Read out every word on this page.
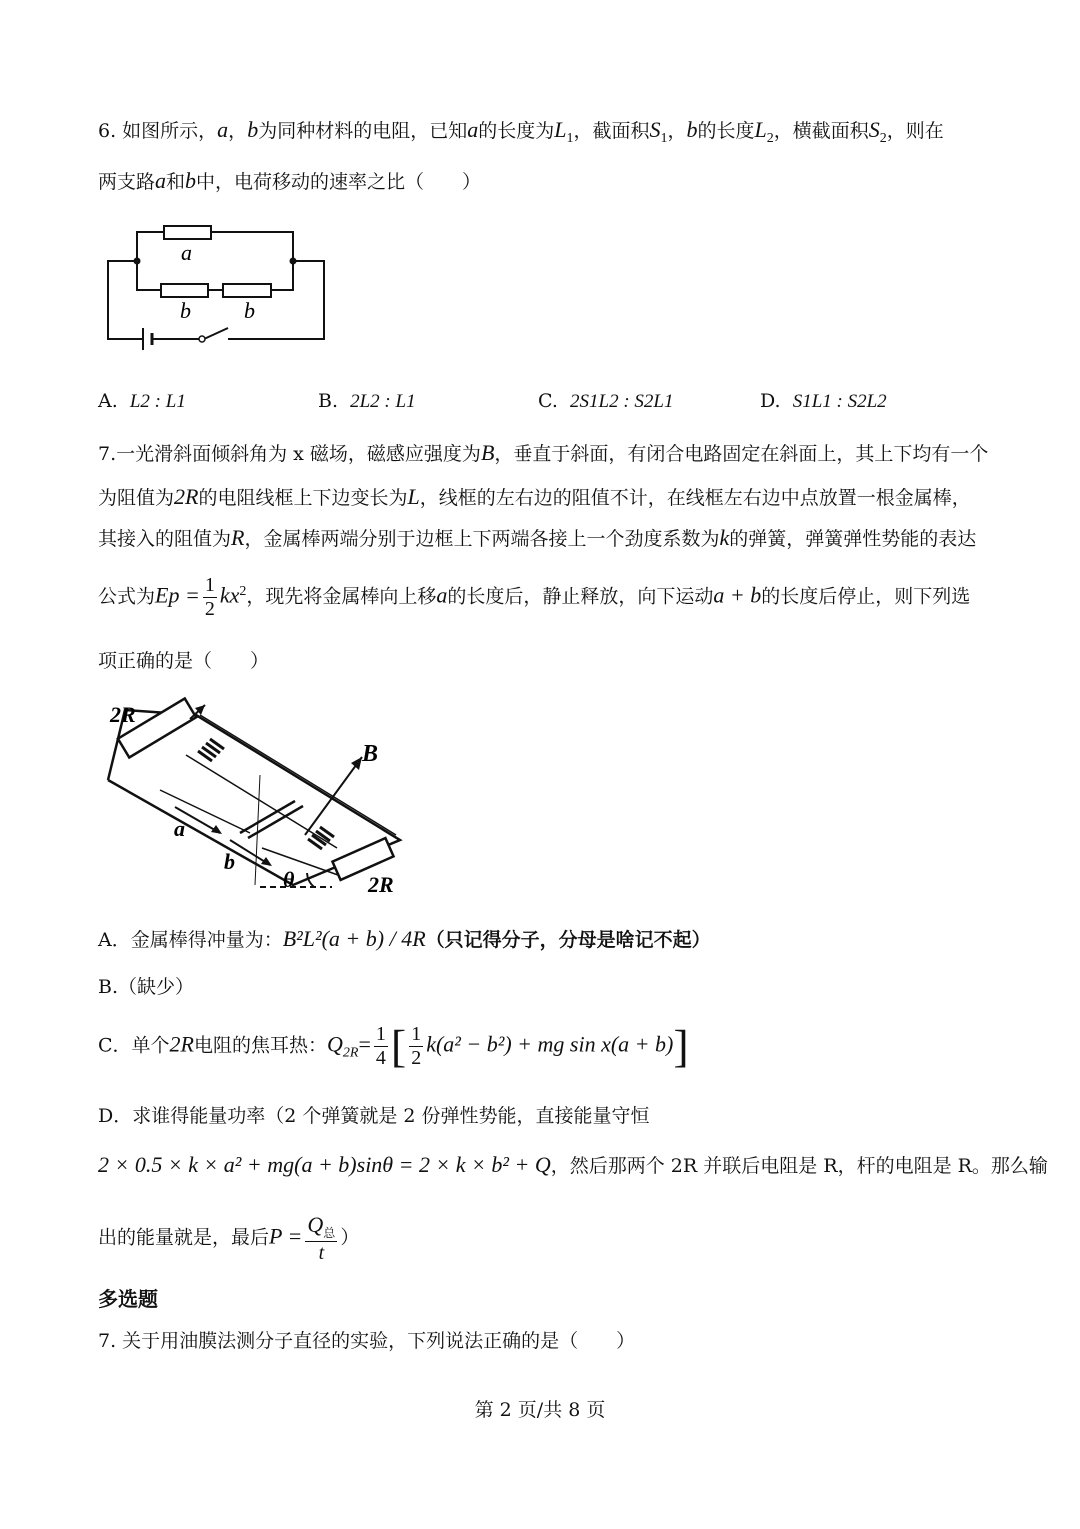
6. 如图所示，a，b为同种材料的电阻，已知a的长度为$L_1$，截面积$S_1$，b的长度$L_2$，横截面积$S_2$，则在
两支路a和b中，电荷移动的速率之比（　　）
a
b b
A. L2 : L1	B. 2L2 : L1	C. 2S1L2 : S2L1	D. S1L1 : S2L2
7.一光滑斜面倾斜角为 x 磁场，磁感应强度为B，垂直于斜面，有闭合电路固定在斜面上，其上下均有一个
为阻值为2R的电阻线框上下边变长为L，线框的左右边的阻值不计，在线框左右边中点放置一根金属棒，
其接入的阻值为R，金属棒两端分别于边框上下两端各接上一个劲度系数为k的弹簧，弹簧弹性势能的表达
公式为$Ep = \frac{1}{2} kx^2$，现先将金属棒向上移a的长度后，静止释放，向下运动a + b的长度后停止，则下列选
项正确的是（　　）
2R
2R
B
a
b
θ
A．金属棒得冲量为：B²L²(a + b) / 4R（只记得分子，分母是啥记不起）
B.（缺少）
C．单个2R电阻的焦耳热：$Q_{2R}= \frac{1}{4}$ [ $\frac{1}{2} k(a^2 - b^2)$ + mg sin x(a + b)]
D．求谁得能量功率（2 个弹簧就是 2 份弹性势能，直接能量守恒
2 × 0.5 × k × a² + mg(a + b)sinθ = 2 × k × b² + Q，然后那两个 2R 并联后电阻是 R，杆的电阻是 R。那么输
出的能量就是，最后$P = \frac{Q_总}{t}$ ）
多选题
7. 关于用油膜法测分子直径的实验，下列说法正确的是（　　）
第 2 页/共 8 页
